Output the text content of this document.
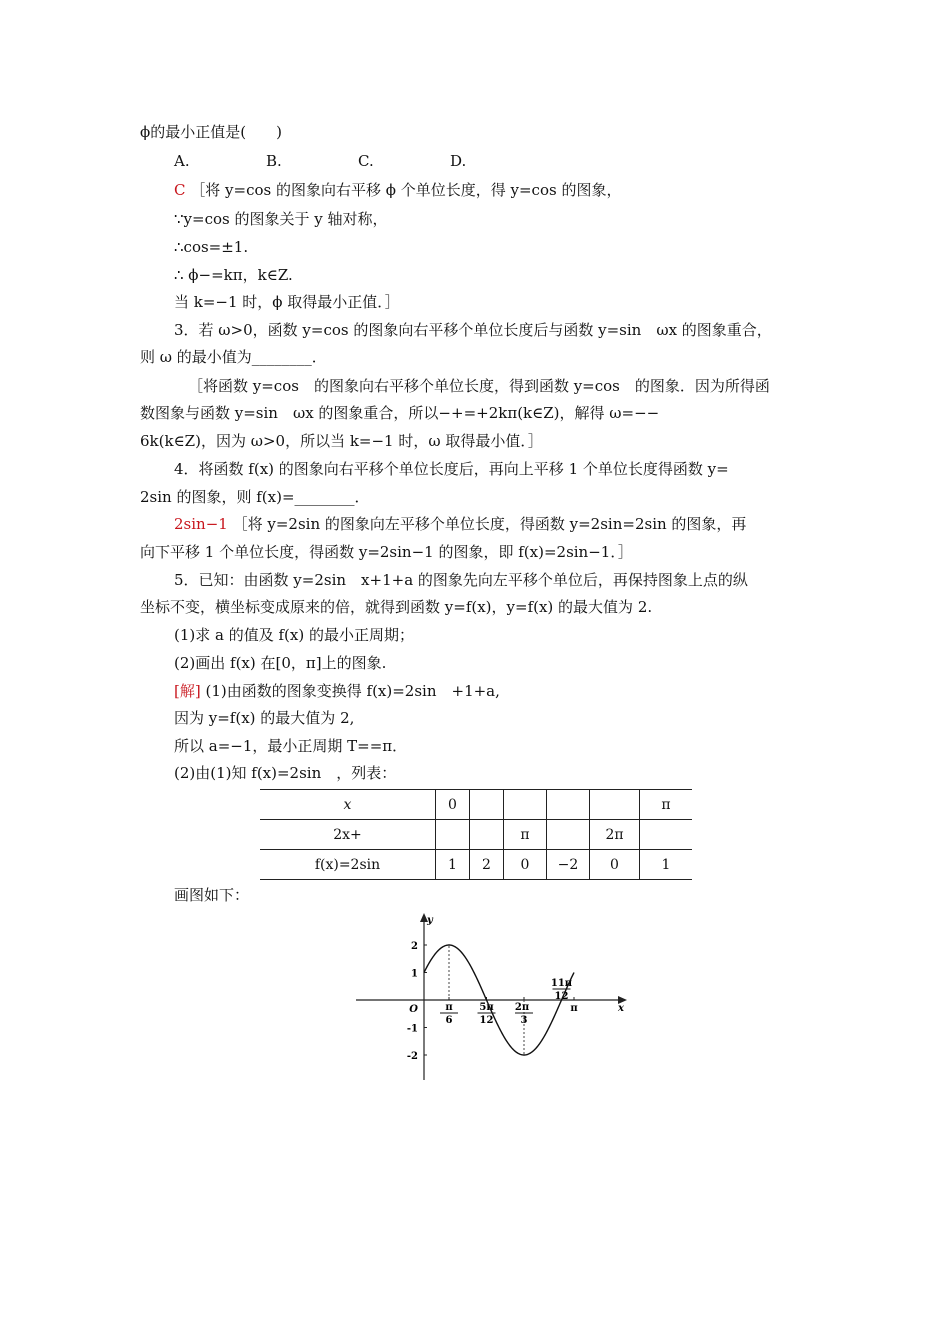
ϕ的最小正值是(　　)
A.	B.	C.	D.
C ［将 y=cos 的图象向右平移 ϕ 个单位长度，得 y=cos 的图象，
∵y=cos 的图象关于 y 轴对称，
∴cos=±1.
∴ ϕ−=kπ，k∈Z.
当 k=−1 时，ϕ 取得最小正值．］
3．若 ω>0，函数 y=cos 的图象向右平移个单位长度后与函数 y=sin　ωx 的图象重合，
则 ω 的最小值为________．
［将函数 y=cos　的图象向右平移个单位长度，得到函数 y=cos　的图象．因为所得函
数图象与函数 y=sin　ωx 的图象重合，所以−+=+2kπ(k∈Z)，解得 ω=−−
6k(k∈Z)，因为 ω>0，所以当 k=−1 时，ω 取得最小值．］
4．将函数 f(x) 的图象向右平移个单位长度后，再向上平移 1 个单位长度得函数 y=
2sin 的图象，则 f(x)=________．
2sin−1 ［将 y=2sin 的图象向左平移个单位长度，得函数 y=2sin=2sin 的图象，再
向下平移 1 个单位长度，得函数 y=2sin−1 的图象，即 f(x)=2sin−1．］
5．已知：由函数 y=2sin　x+1+a 的图象先向左平移个单位后，再保持图象上点的纵
坐标不变，横坐标变成原来的倍，就得到函数 y=f(x)，y=f(x) 的最大值为 2.
(1)求 a 的值及 f(x) 的最小正周期；
(2)画出 f(x) 在[0，π]上的图象.
[解] (1)由函数的图象变换得 f(x)=2sin　+1+a,
因为 y=f(x) 的最大值为 2,
所以 a=−1，最小正周期 T==π．
(2)由(1)知 f(x)=2sin　，列表：
x	0					π
2x+			π		2π	
f(x)=2sin	1	2	0	−2	0	1
画图如下：
y
x
2
1
O
-1
-2
π
6
5π
12
2π
3
11π
12
π
